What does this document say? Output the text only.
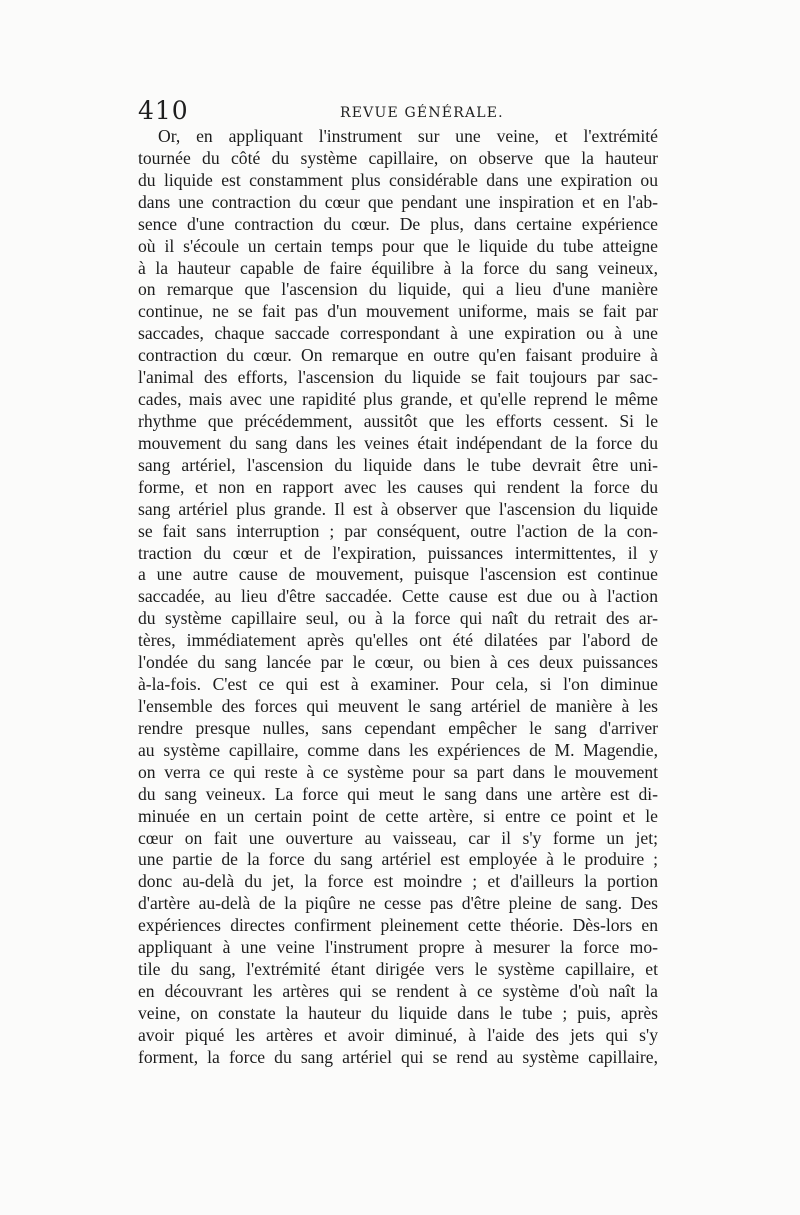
410	REVUE GÉNÉRALE.
Or, en appliquant l'instrument sur une veine, et l'extrémité
tournée du côté du système capillaire, on observe que la hauteur
du liquide est constamment plus considérable dans une expiration ou
dans une contraction du cœur que pendant une inspiration et en l'ab-
sence d'une contraction du cœur. De plus, dans certaine expérience
où il s'écoule un certain temps pour que le liquide du tube atteigne
à la hauteur capable de faire équilibre à la force du sang veineux,
on remarque que l'ascension du liquide, qui a lieu d'une manière
continue, ne se fait pas d'un mouvement uniforme, mais se fait par
saccades, chaque saccade correspondant à une expiration ou à une
contraction du cœur. On remarque en outre qu'en faisant produire à
l'animal des efforts, l'ascension du liquide se fait toujours par sac-
cades, mais avec une rapidité plus grande, et qu'elle reprend le même
rhythme que précédemment, aussitôt que les efforts cessent. Si le
mouvement du sang dans les veines était indépendant de la force du
sang artériel, l'ascension du liquide dans le tube devrait être uni-
forme, et non en rapport avec les causes qui rendent la force du
sang artériel plus grande. Il est à observer que l'ascension du liquide
se fait sans interruption ; par conséquent, outre l'action de la con-
traction du cœur et de l'expiration, puissances intermittentes, il y
a une autre cause de mouvement, puisque l'ascension est continue
saccadée, au lieu d'être saccadée. Cette cause est due ou à l'action
du système capillaire seul, ou à la force qui naît du retrait des ar-
tères, immédiatement après qu'elles ont été dilatées par l'abord de
l'ondée du sang lancée par le cœur, ou bien à ces deux puissances
à-la-fois. C'est ce qui est à examiner. Pour cela, si l'on diminue
l'ensemble des forces qui meuvent le sang artériel de manière à les
rendre presque nulles, sans cependant empêcher le sang d'arriver
au système capillaire, comme dans les expériences de M. Magendie,
on verra ce qui reste à ce système pour sa part dans le mouvement
du sang veineux. La force qui meut le sang dans une artère est di-
minuée en un certain point de cette artère, si entre ce point et le
cœur on fait une ouverture au vaisseau, car il s'y forme un jet;
une partie de la force du sang artériel est employée à le produire ;
donc au-delà du jet, la force est moindre ; et d'ailleurs la portion
d'artère au-delà de la piqûre ne cesse pas d'être pleine de sang. Des
expériences directes confirment pleinement cette théorie. Dès-lors en
appliquant à une veine l'instrument propre à mesurer la force mo-
tile du sang, l'extrémité étant dirigée vers le système capillaire, et
en découvrant les artères qui se rendent à ce système d'où naît la
veine, on constate la hauteur du liquide dans le tube ; puis, après
avoir piqué les artères et avoir diminué, à l'aide des jets qui s'y
forment, la force du sang artériel qui se rend au système capillaire,
